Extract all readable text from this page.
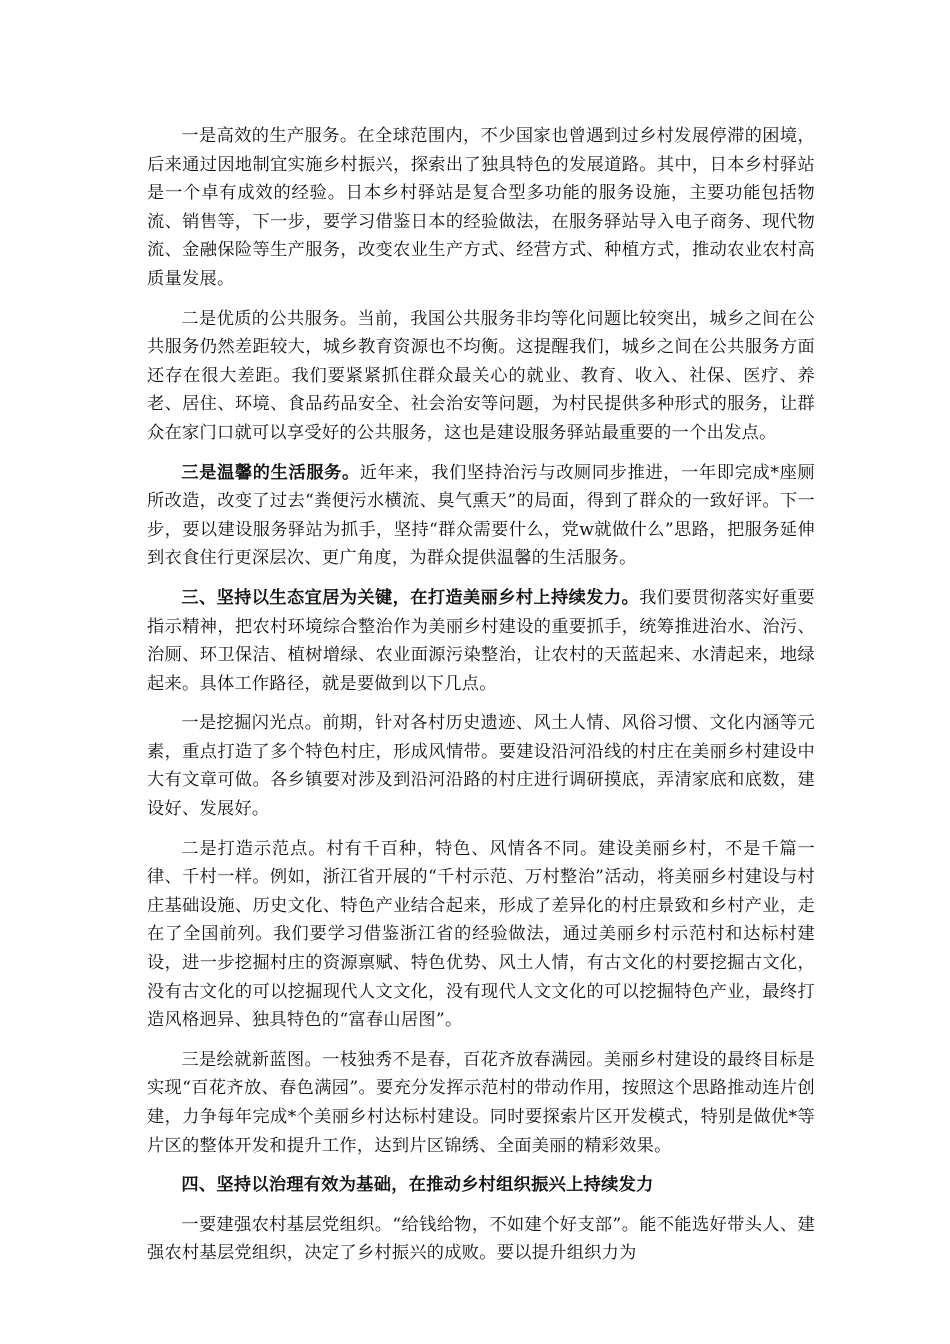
一是高效的生产服务。在全球范围内，不少国家也曾遇到过乡村发展停滞的困境，后来通过因地制宜实施乡村振兴，探索出了独具特色的发展道路。其中，日本乡村驿站是一个卓有成效的经验。日本乡村驿站是复合型多功能的服务设施，主要功能包括物流、销售等，下一步，要学习借鉴日本的经验做法，在服务驿站导入电子商务、现代物流、金融保险等生产服务，改变农业生产方式、经营方式、种植方式，推动农业农村高质量发展。

二是优质的公共服务。当前，我国公共服务非均等化问题比较突出，城乡之间在公共服务仍然差距较大，城乡教育资源也不均衡。这提醒我们，城乡之间在公共服务方面还存在很大差距。我们要紧紧抓住群众最关心的就业、教育、收入、社保、医疗、养老、居住、环境、食品药品安全、社会治安等问题，为村民提供多种形式的服务，让群众在家门口就可以享受好的公共服务，这也是建设服务驿站最重要的一个出发点。

三是温馨的生活服务。近年来，我们坚持治污与改厕同步推进，一年即完成*座厕所改造，改变了过去“粪便污水横流、臭气熏天”的局面，得到了群众的一致好评。下一步，要以建设服务驿站为抓手，坚持“群众需要什么，党w就做什么”思路，把服务延伸到衣食住行更深层次、更广角度，为群众提供温馨的生活服务。

三、坚持以生态宜居为关键，在打造美丽乡村上持续发力。我们要贯彻落实好重要指示精神，把农村环境综合整治作为美丽乡村建设的重要抓手，统筹推进治水、治污、治厕、环卫保洁、植树增绿、农业面源污染整治，让农村的天蓝起来、水清起来，地绿起来。具体工作路径，就是要做到以下几点。

一是挖掘闪光点。前期，针对各村历史遗迹、风土人情、风俗习惯、文化内涵等元素，重点打造了多个特色村庄，形成风情带。要建设沿河沿线的村庄在美丽乡村建设中大有文章可做。各乡镇要对涉及到沿河沿路的村庄进行调研摸底，弄清家底和底数，建设好、发展好。

二是打造示范点。村有千百种，特色、风情各不同。建设美丽乡村，不是千篇一律、千村一样。例如，浙江省开展的“千村示范、万村整治”活动，将美丽乡村建设与村庄基础设施、历史文化、特色产业结合起来，形成了差异化的村庄景致和乡村产业，走在了全国前列。我们要学习借鉴浙江省的经验做法，通过美丽乡村示范村和达标村建设，进一步挖掘村庄的资源禀赋、特色优势、风土人情，有古文化的村要挖掘古文化，没有古文化的可以挖掘现代人文文化，没有现代人文文化的可以挖掘特色产业，最终打造风格迥异、独具特色的“富春山居图”。

三是绘就新蓝图。一枝独秀不是春，百花齐放春满园。美丽乡村建设的最终目标是实现“百花齐放、春色满园”。要充分发挥示范村的带动作用，按照这个思路推动连片创建，力争每年完成*个美丽乡村达标村建设。同时要探索片区开发模式，特别是做优*等片区的整体开发和提升工作，达到片区锦绣、全面美丽的精彩效果。

四、坚持以治理有效为基础，在推动乡村组织振兴上持续发力

一要建强农村基层党组织。“给钱给物，不如建个好支部”。能不能选好带头人、建强农村基层党组织，决定了乡村振兴的成败。要以提升组织力为
